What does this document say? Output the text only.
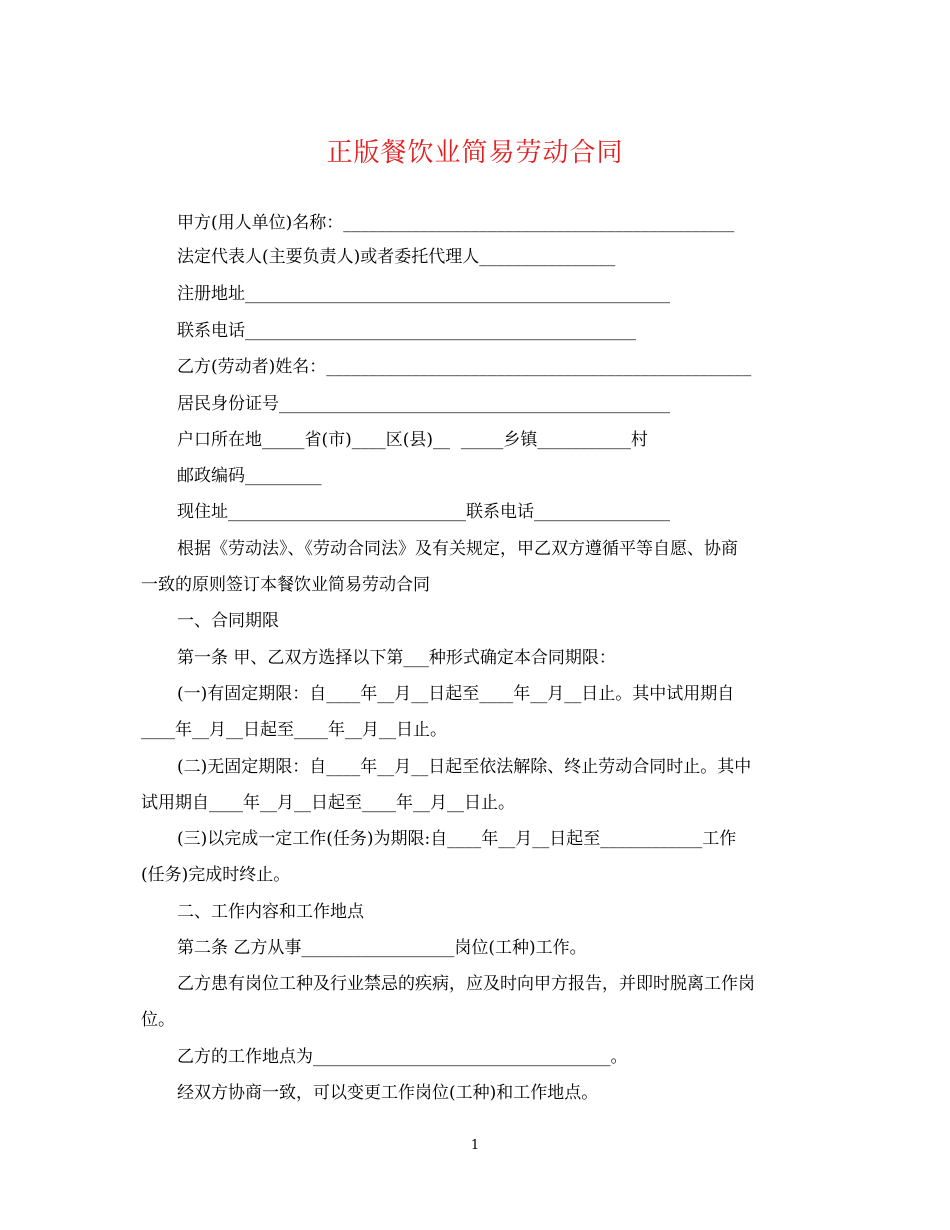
正版餐饮业简易劳动合同
甲方(用人单位)名称：______________________________________________
法定代表人(主要负责人)或者委托代理人________________
注册地址__________________________________________________
联系电话______________________________________________
乙方(劳动者)姓名：__________________________________________________
居民身份证号______________________________________________
户口所在地_____省(市)____区(县)__  _____乡镇___________村
邮政编码_________
现住址____________________________联系电话________________
根据《劳动法》、《劳动合同法》及有关规定，甲乙双方遵循平等自愿、协商
一致的原则签订本餐饮业简易劳动合同
一、合同期限
第一条 甲、乙双方选择以下第___种形式确定本合同期限：
(一)有固定期限：自____年__月__日起至____年__月__日止。其中试用期自
____年__月__日起至____年__月__日止。
(二)无固定期限：自____年__月__日起至依法解除、终止劳动合同时止。其中
试用期自____年__月__日起至____年__月__日止。
(三)以完成一定工作(任务)为期限:自____年__月__日起至____________工作
(任务)完成时终止。
二、工作内容和工作地点
第二条 乙方从事__________________岗位(工种)工作。
乙方患有岗位工种及行业禁忌的疾病，应及时向甲方报告，并即时脱离工作岗
位。
乙方的工作地点为___________________________________。
经双方协商一致，可以变更工作岗位(工种)和工作地点。
1
